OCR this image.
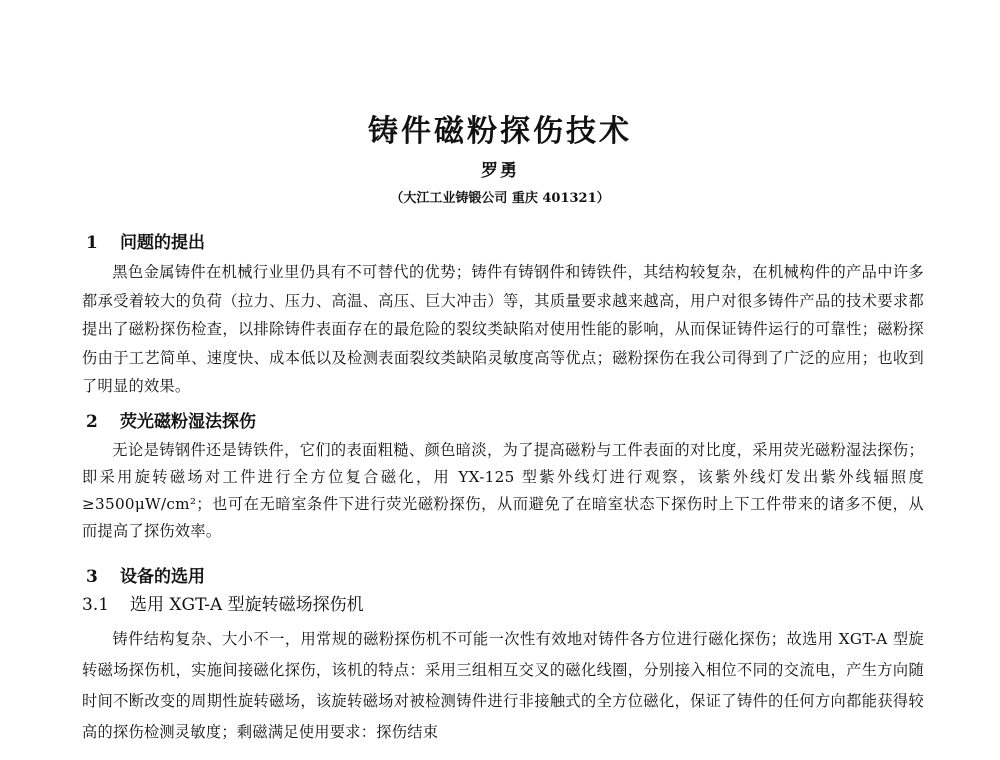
铸件磁粉探伤技术
罗勇
（大江工业铸锻公司 重庆 401321）
1 问题的提出

黑色金属铸件在机械行业里仍具有不可替代的优势；铸件有铸钢件和铸铁件，其结构较复杂，在机械构件的产品中许多都承受着较大的负荷（拉力、压力、高温、高压、巨大冲击）等，其质量要求越来越高，用户对很多铸件产品的技术要求都提出了磁粉探伤检查，以排除铸件表面存在的最危险的裂纹类缺陷对使用性能的影响，从而保证铸件运行的可靠性；磁粉探伤由于工艺简单、速度快、成本低以及检测表面裂纹类缺陷灵敏度高等优点；磁粉探伤在我公司得到了广泛的应用；也收到了明显的效果。

2 荧光磁粉湿法探伤

无论是铸钢件还是铸铁件，它们的表面粗糙、颜色暗淡，为了提高磁粉与工件表面的对比度，采用荧光磁粉湿法探伤；即采用旋转磁场对工件进行全方位复合磁化，用 YX-125 型紫外线灯进行观察，该紫外线灯发出紫外线辐照度≥3500μW/cm²；也可在无暗室条件下进行荧光磁粉探伤，从而避免了在暗室状态下探伤时上下工件带来的诸多不便，从而提高了探伤效率。

3 设备的选用
3.1 选用 XGT-A 型旋转磁场探伤机

铸件结构复杂、大小不一，用常规的磁粉探伤机不可能一次性有效地对铸件各方位进行磁化探伤；故选用 XGT-A 型旋转磁场探伤机，实施间接磁化探伤，该机的特点：采用三组相互交叉的磁化线圈，分别接入相位不同的交流电，产生方向随时间不断改变的周期性旋转磁场，该旋转磁场对被检测铸件进行非接触式的全方位磁化，保证了铸件的任何方向都能获得较高的探伤检测灵敏度；剩磁满足使用要求：探伤结束
